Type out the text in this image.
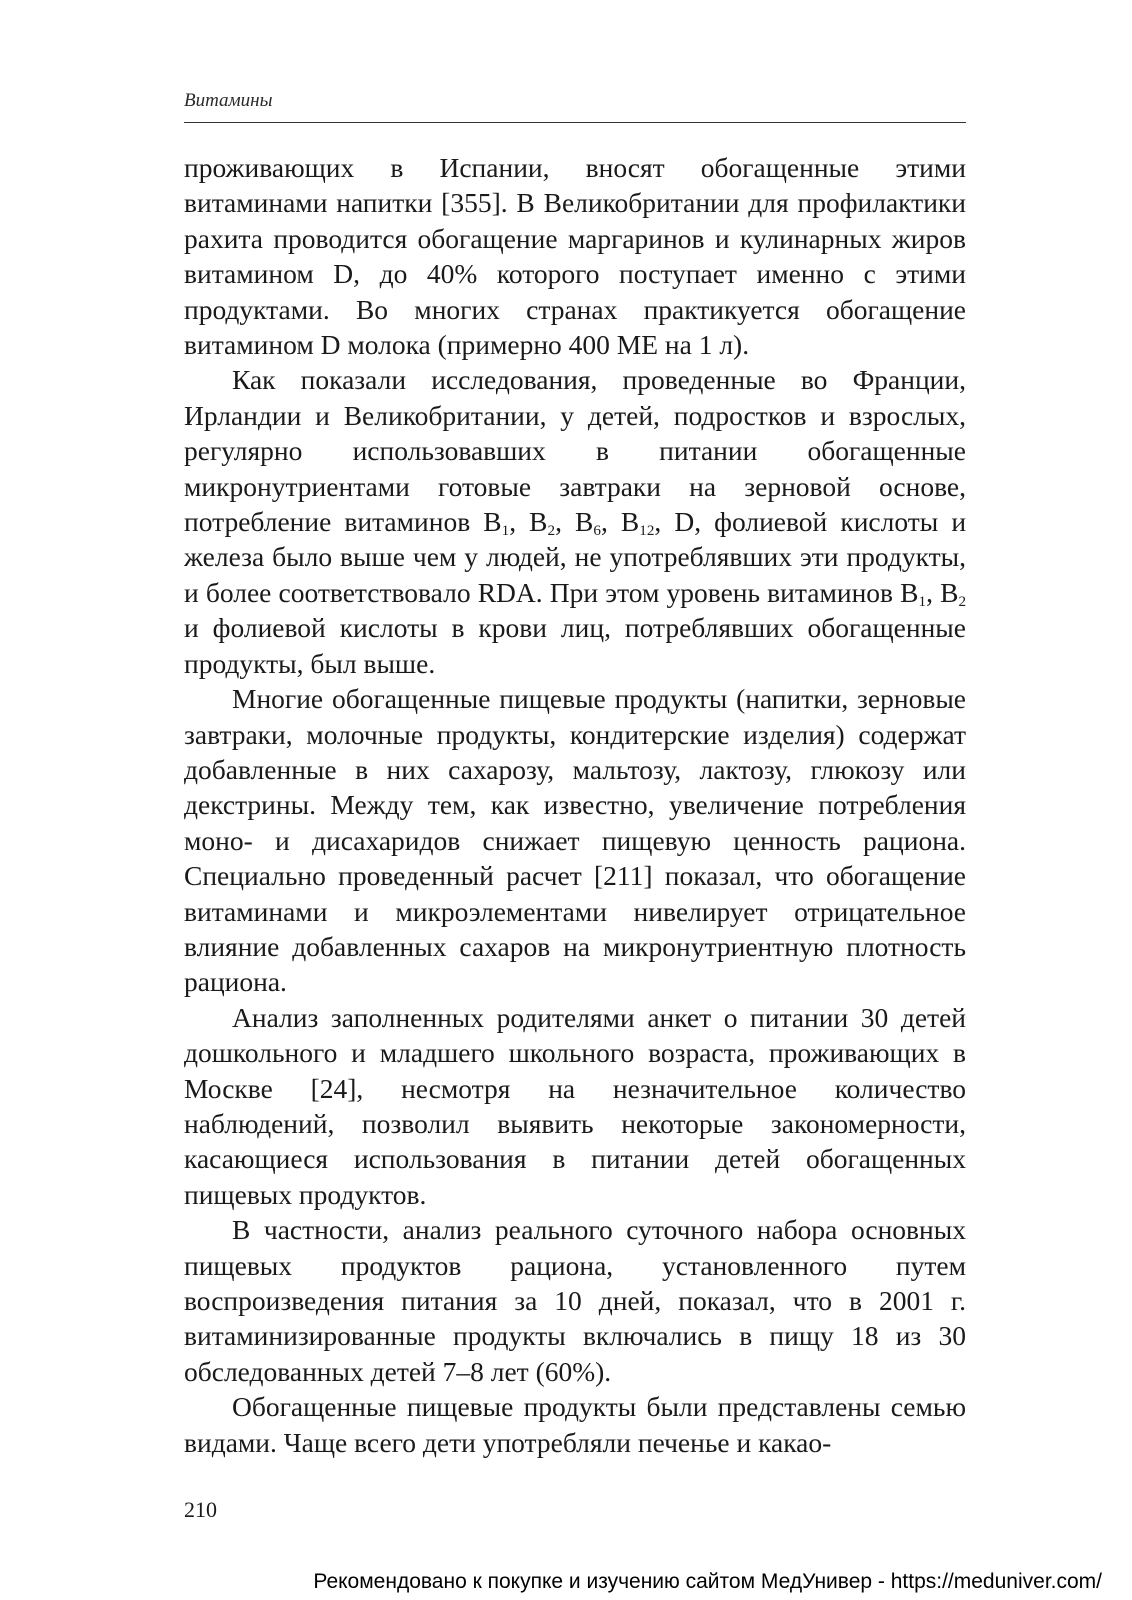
Витамины

проживающих в Испании, вносят обогащенные этими витаминами напитки [355]. В Великобритании для профилактики рахита проводится обогащение маргаринов и кулинарных жиров витамином D, до 40% которого поступает именно с этими продуктами. Во многих странах практикуется обогащение витамином D молока (примерно 400 МЕ на 1 л).

Как показали исследования, проведенные во Франции, Ирландии и Великобритании, у детей, подростков и взрослых, регулярно использовавших в питании обогащенные микронутриентами готовые завтраки на зерновой основе, потребление витаминов $B_1$, $B_2$, $B_6$, $B_{12}$, D, фолиевой кислоты и железа было выше чем у людей, не употреблявших эти продукты, и более соответствовало RDA. При этом уровень витаминов $B_1$, $B_2$ и фолиевой кислоты в крови лиц, потреблявших обогащенные продукты, был выше.

Многие обогащенные пищевые продукты (напитки, зерновые завтраки, молочные продукты, кондитерские изделия) содержат добавленные в них сахарозу, мальтозу, лактозу, глюкозу или декстрины. Между тем, как известно, увеличение потребления моно- и дисахаридов снижает пищевую ценность рациона. Специально проведенный расчет [211] показал, что обогащение витаминами и микроэлементами нивелирует отрицательное влияние добавленных сахаров на микронутриентную плотность рациона.

Анализ заполненных родителями анкет о питании 30 детей дошкольного и младшего школьного возраста, проживающих в Москве [24], несмотря на незначительное количество наблюдений, позволил выявить некоторые закономерности, касающиеся использования в питании детей обогащенных пищевых продуктов.

В частности, анализ реального суточного набора основных пищевых продуктов рациона, установленного путем воспроизведения питания за 10 дней, показал, что в 2001 г. витаминизированные продукты включались в пищу 18 из 30 обследованных детей 7–8 лет (60%).

Обогащенные пищевые продукты были представлены семью видами. Чаще всего дети употребляли печенье и какао-

210
Рекомендовано к покупке и изучению сайтом МедУнивер - https://meduniver.com/
